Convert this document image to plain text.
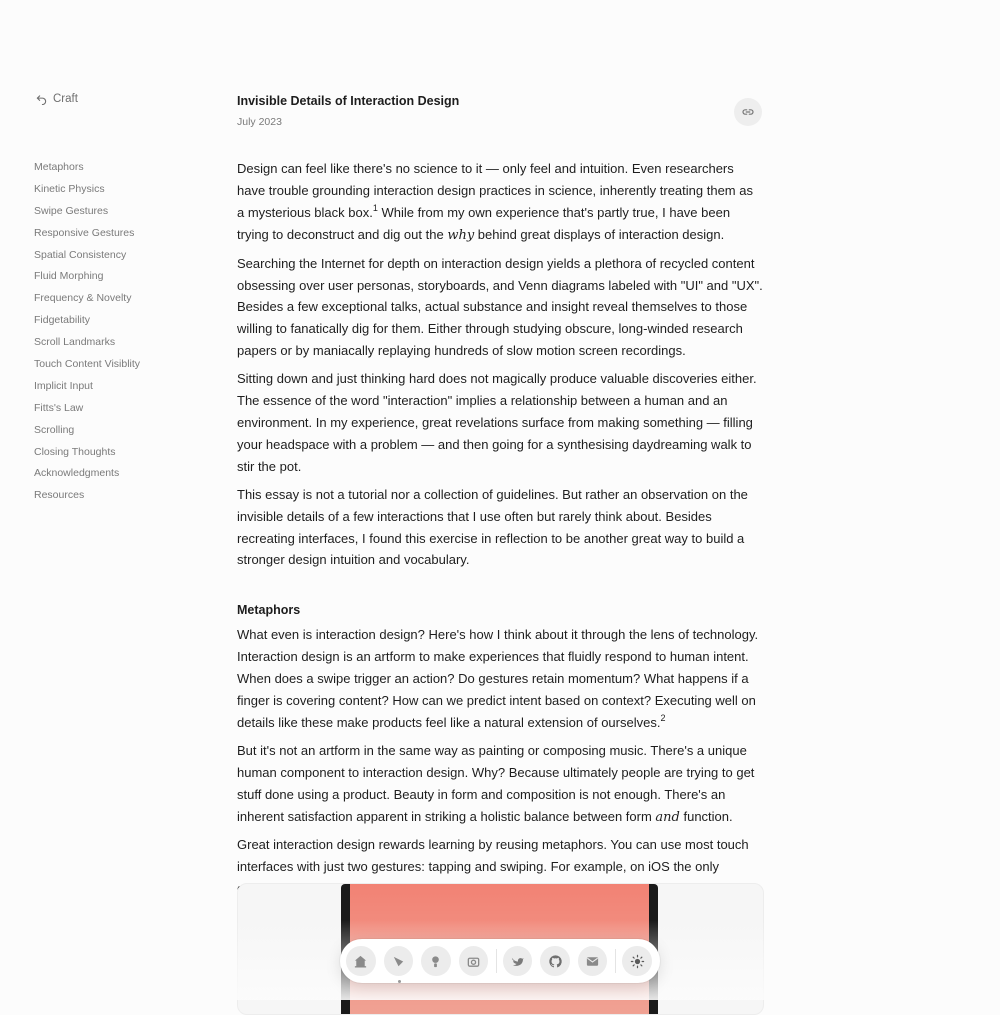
Craft
Metaphors
Kinetic Physics
Swipe Gestures
Responsive Gestures
Spatial Consistency
Fluid Morphing
Frequency & Novelty
Fidgetability
Scroll Landmarks
Touch Content Visiblity
Implicit Input
Fitts's Law
Scrolling
Closing Thoughts
Acknowledgments
Resources
Invisible Details of Interaction Design
July 2023

Design can feel like there's no science to it — only feel and intuition. Even researchers have trouble grounding interaction design practices in science, inherently treating them as a mysterious black box.$^1$ While from my own experience that's partly true, I have been trying to deconstruct and dig out the why behind great displays of interaction design.

Searching the Internet for depth on interaction design yields a plethora of recycled content obsessing over user personas, storyboards, and Venn diagrams labeled with "UI" and "UX". Besides a few exceptional talks, actual substance and insight reveal themselves to those willing to fanatically dig for them. Either through studying obscure, long-winded research papers or by maniacally replaying hundreds of slow motion screen recordings.

Sitting down and just thinking hard does not magically produce valuable discoveries either. The essence of the word "interaction" implies a relationship between a human and an environment. In my experience, great revelations surface from making something — filling your headspace with a problem — and then going for a synthesising daydreaming walk to stir the pot.

This essay is not a tutorial nor a collection of guidelines. But rather an observation on the invisible details of a few interactions that I use often but rarely think about. Besides recreating interfaces, I found this exercise in reflection to be another great way to build a stronger design intuition and vocabulary.

Metaphors

What even is interaction design? Here's how I think about it through the lens of technology. Interaction design is an artform to make experiences that fluidly respond to human intent. When does a swipe trigger an action? Do gestures retain momentum? What happens if a finger is covering content? How can we predict intent based on context? Executing well on details like these make products feel like a natural extension of ourselves.$^2$

But it's not an artform in the same way as painting or composing music. There's a unique human component to interaction design. Why? Because ultimately people are trying to get stuff done using a product. Beauty in form and composition is not enough. There's an inherent satisfaction apparent in striking a holistic balance between form and function.

Great interaction design rewards learning by reusing metaphors. You can use most touch interfaces with just two gestures: tapping and swiping. For example, on iOS the only
